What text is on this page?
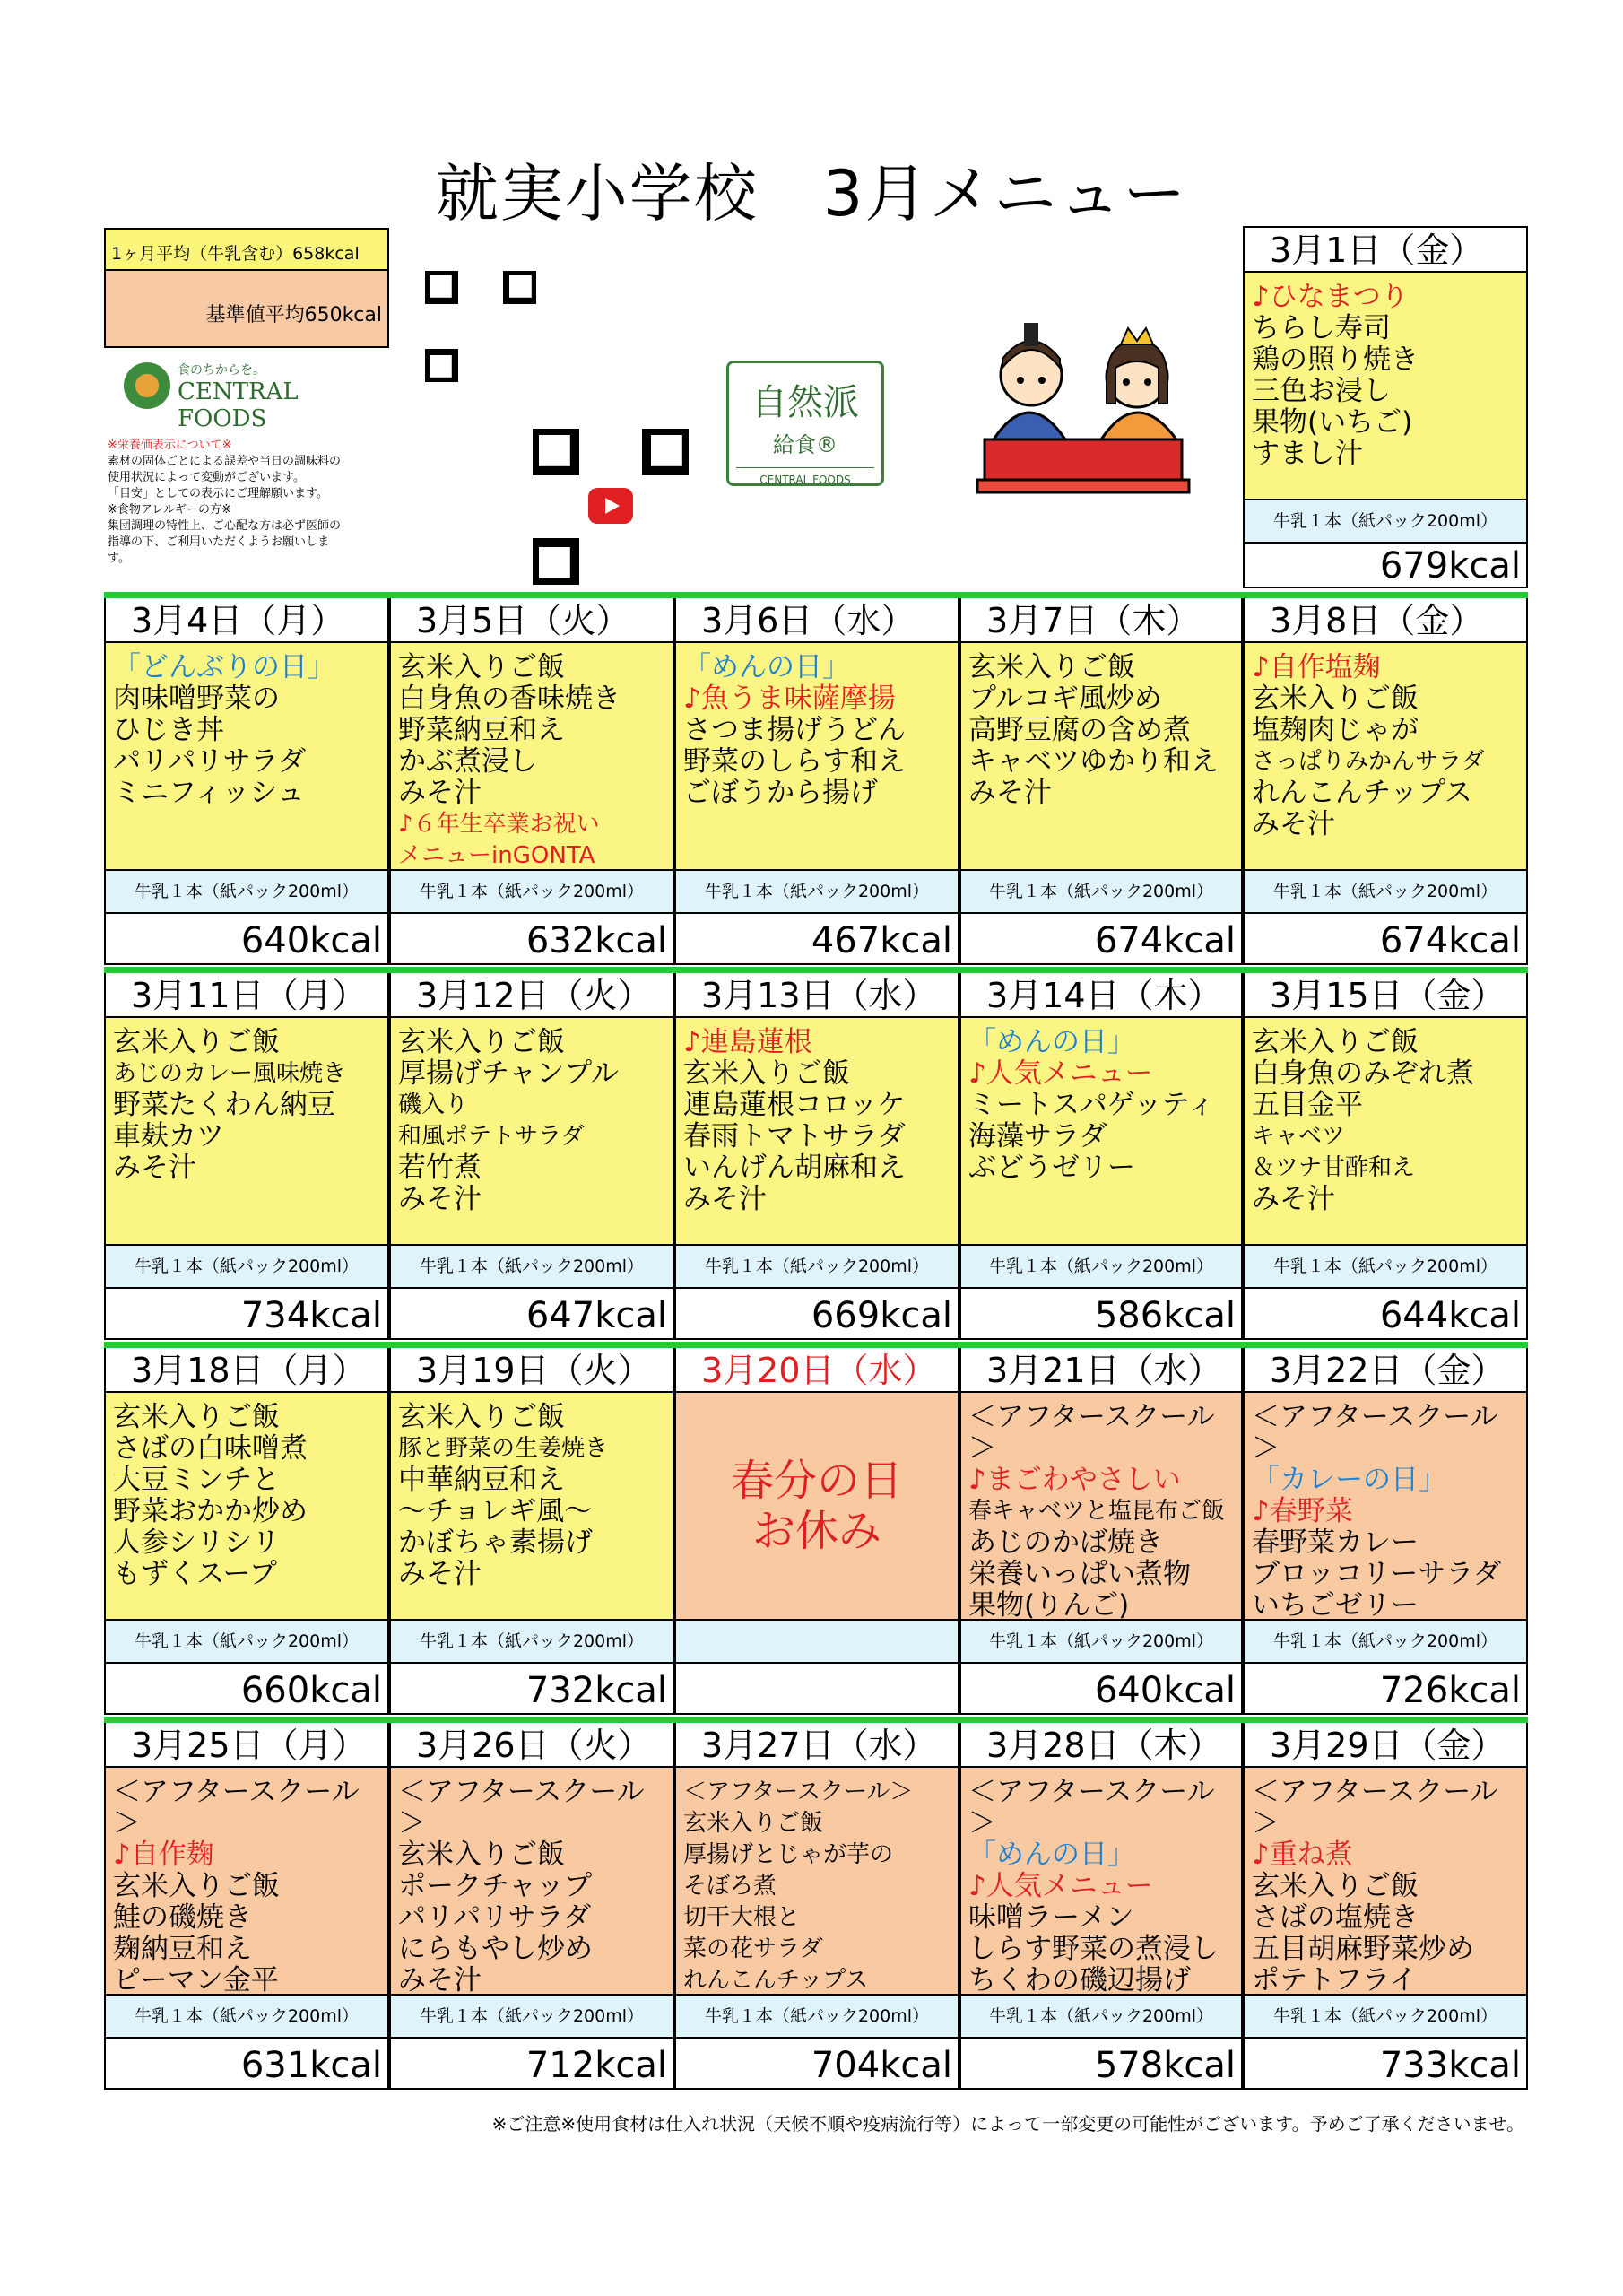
就実小学校　3月メニュー
1ヶ月平均（牛乳含む）658kcal
基準値平均650kcal
食のちからを。
CENTRAL FOODS
※栄養価表示について※
素材の固体ごとによる誤差や当日の調味料の
使用状況によって変動がございます。
「目安」としての表示にご理解願います。
※食物アレルギーの方※
集団調理の特性上、ご心配な方は必ず医師の
指導の下、ご利用いただくようお願いしま
す。
自然派
給食®
CENTRAL FOODS
3月1日（金）
♪ひなまつり
ちらし寿司
鶏の照り焼き
三色お浸し
果物(いちご)
すまし汁
牛乳１本（紙パック200ml）
679kcal
3月4日（月）
「どんぶりの日」
肉味噌野菜の
ひじき丼
パリパリサラダ
ミニフィッシュ
牛乳１本（紙パック200ml）
640kcal
3月5日（火）
玄米入りご飯
白身魚の香味焼き
野菜納豆和え
かぶ煮浸し
みそ汁
♪６年生卒業お祝い
メニューinGONTA
牛乳１本（紙パック200ml）
632kcal
3月6日（水）
「めんの日」
♪魚うま味薩摩揚
さつま揚げうどん
野菜のしらす和え
ごぼうから揚げ
牛乳１本（紙パック200ml）
467kcal
3月7日（木）
玄米入りご飯
プルコギ風炒め
高野豆腐の含め煮
キャベツゆかり和え
みそ汁
牛乳１本（紙パック200ml）
674kcal
3月8日（金）
♪自作塩麹
玄米入りご飯
塩麹肉じゃが
さっぱりみかんサラダ
れんこんチップス
みそ汁
牛乳１本（紙パック200ml）
674kcal
3月11日（月）
玄米入りご飯
あじのカレー風味焼き
野菜たくわん納豆
車麸カツ
みそ汁
牛乳１本（紙パック200ml）
734kcal
3月12日（火）
玄米入りご飯
厚揚げチャンプル
磯入り
和風ポテトサラダ
若竹煮
みそ汁
牛乳１本（紙パック200ml）
647kcal
3月13日（水）
♪連島蓮根
玄米入りご飯
連島蓮根コロッケ
春雨トマトサラダ
いんげん胡麻和え
みそ汁
牛乳１本（紙パック200ml）
669kcal
3月14日（木）
「めんの日」
♪人気メニュー
ミートスパゲッティ
海藻サラダ
ぶどうゼリー
牛乳１本（紙パック200ml）
586kcal
3月15日（金）
玄米入りご飯
白身魚のみぞれ煮
五目金平
キャベツ
＆ツナ甘酢和え
みそ汁
牛乳１本（紙パック200ml）
644kcal
3月18日（月）
玄米入りご飯
さばの白味噌煮
大豆ミンチと
野菜おかか炒め
人参シリシリ
もずくスープ
牛乳１本（紙パック200ml）
660kcal
3月19日（火）
玄米入りご飯
豚と野菜の生姜焼き
中華納豆和え
～チョレギ風～
かぼちゃ素揚げ
みそ汁
牛乳１本（紙パック200ml）
732kcal
3月20日（水）
春分の日
お休み
3月21日（水）
＜アフタースクール＞
♪まごわやさしい
春キャベツと塩昆布ご飯
あじのかば焼き
栄養いっぱい煮物
果物(りんご)
牛乳１本（紙パック200ml）
640kcal
3月22日（金）
＜アフタースクール＞
「カレーの日」
♪春野菜
春野菜カレー
ブロッコリーサラダ
いちごゼリー
牛乳１本（紙パック200ml）
726kcal
3月25日（月）
＜アフタースクール＞
♪自作麹
玄米入りご飯
鮭の磯焼き
麹納豆和え
ピーマン金平
牛乳１本（紙パック200ml）
631kcal
3月26日（火）
＜アフタースクール＞
玄米入りご飯
ポークチャップ
パリパリサラダ
にらもやし炒め
みそ汁
牛乳１本（紙パック200ml）
712kcal
3月27日（水）
＜アフタースクール＞
玄米入りご飯
厚揚げとじゃが芋の
そぼろ煮
切干大根と
菜の花サラダ
れんこんチップス
牛乳１本（紙パック200ml）
704kcal
3月28日（木）
＜アフタースクール＞
「めんの日」
♪人気メニュー
味噌ラーメン
しらす野菜の煮浸し
ちくわの磯辺揚げ
牛乳１本（紙パック200ml）
578kcal
3月29日（金）
＜アフタースクール＞
♪重ね煮
玄米入りご飯
さばの塩焼き
五目胡麻野菜炒め
ポテトフライ
牛乳１本（紙パック200ml）
733kcal
※ご注意※使用食材は仕入れ状況（天候不順や疫病流行等）によって一部変更の可能性がございます。予めご了承くださいませ。
